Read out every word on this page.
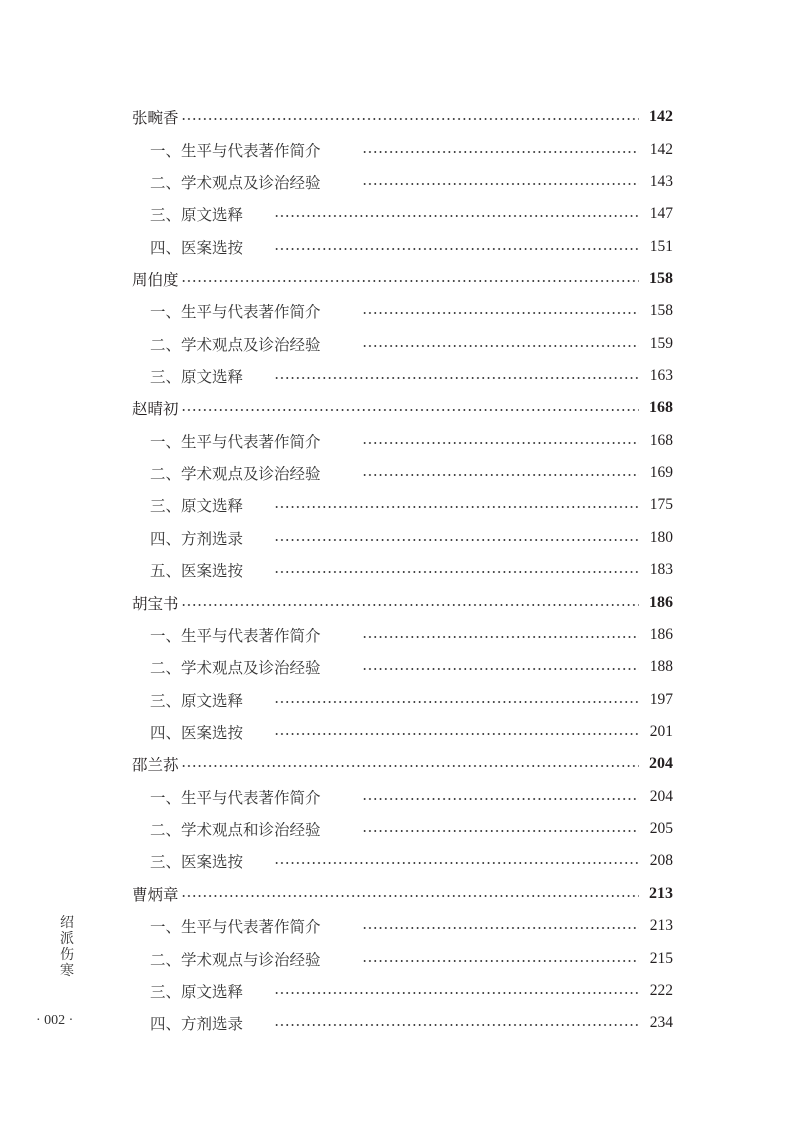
张畹香	142
一、生平与代表著作简介	142
二、学术观点及诊治经验	143
三、原文选释	147
四、医案选按	151
周伯度	158
一、生平与代表著作简介	158
二、学术观点及诊治经验	159
三、原文选释	163
赵晴初	168
一、生平与代表著作简介	168
二、学术观点及诊治经验	169
三、原文选释	175
四、方剂选录	180
五、医案选按	183
胡宝书	186
一、生平与代表著作简介	186
二、学术观点及诊治经验	188
三、原文选释	197
四、医案选按	201
邵兰荪	204
一、生平与代表著作简介	204
二、学术观点和诊治经验	205
三、医案选按	208
曹炳章	213
一、生平与代表著作简介	213
二、学术观点与诊治经验	215
三、原文选释	222
四、方剂选录	234
绍派伤寒
· 002 ·
